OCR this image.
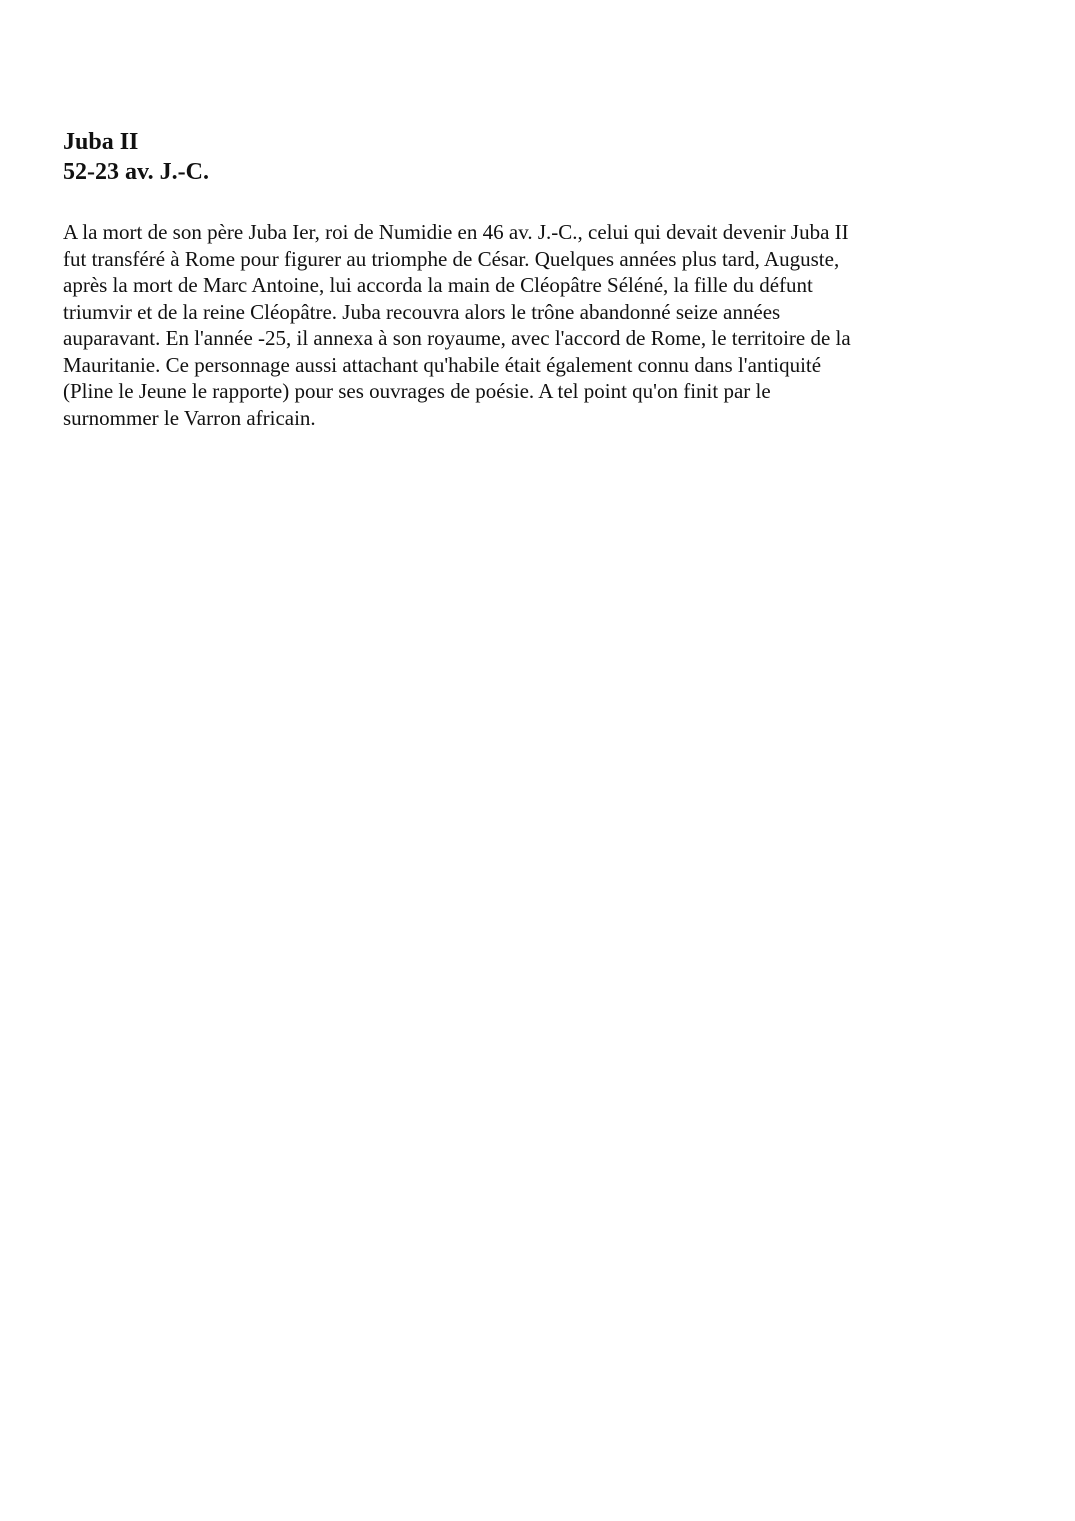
Juba II
52-23 av. J.-C.

A la mort de son père Juba Ier, roi de Numidie en 46 av. J.-C., celui qui devait devenir Juba II
fut transféré à Rome pour figurer au triomphe de César. Quelques années plus tard, Auguste,
après la mort de Marc Antoine, lui accorda la main de Cléopâtre Séléné, la fille du défunt
triumvir et de la reine Cléopâtre. Juba recouvra alors le trône abandonné seize années
auparavant. En l'année -25, il annexa à son royaume, avec l'accord de Rome, le territoire de la
Mauritanie. Ce personnage aussi attachant qu'habile était également connu dans l'antiquité
(Pline le Jeune le rapporte) pour ses ouvrages de poésie. A tel point qu'on finit par le
surnommer le Varron africain.
